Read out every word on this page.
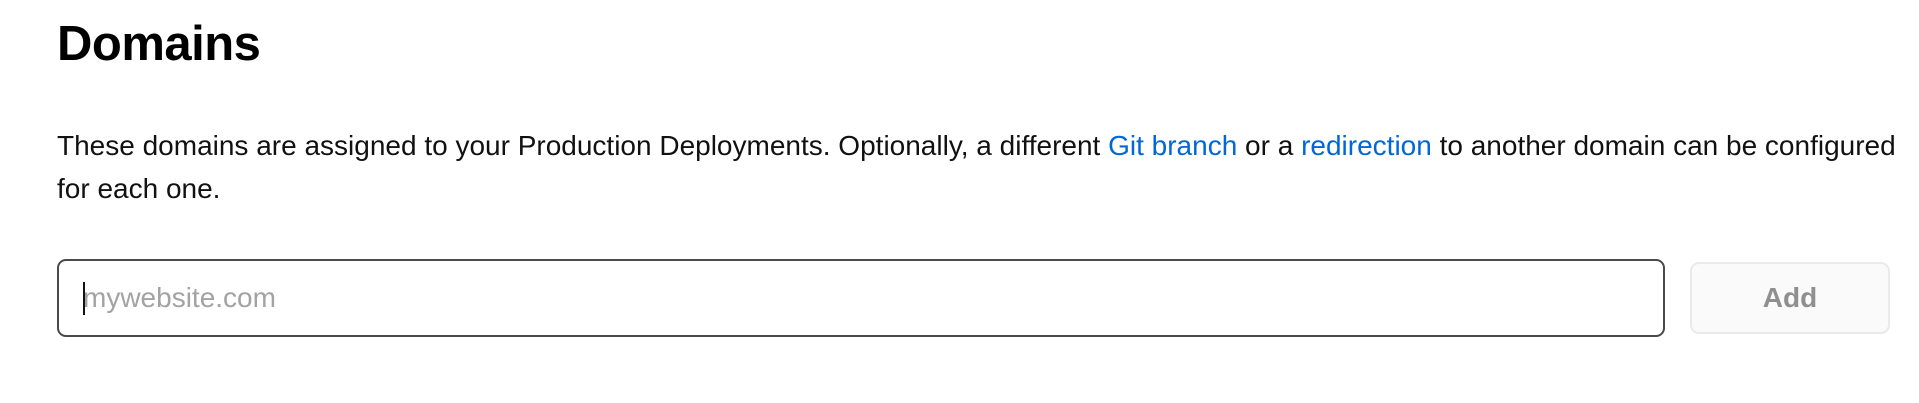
Domains

These domains are assigned to your Production Deployments. Optionally, a different Git branch or a redirection to another domain can be configured for each one.

mywebsite.com
Add
